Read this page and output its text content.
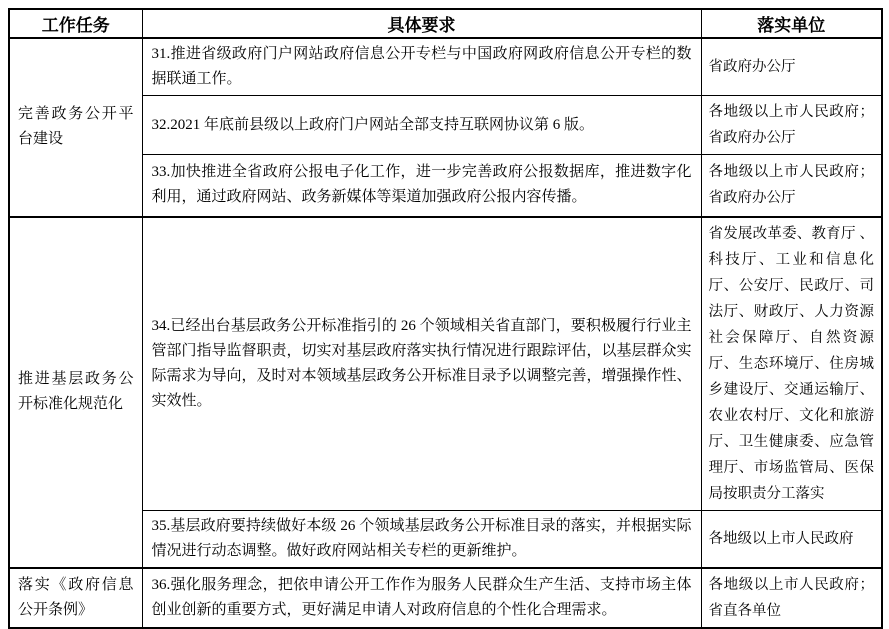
工作任务	具体要求	落实单位
完善政务公开平台建设	31.推进省级政府门户网站政府信息公开专栏与中国政府网政府信息公开专栏的数据联通工作。	省政府办公厅
	32.2021 年底前县级以上政府门户网站全部支持互联网协议第 6 版。	各地级以上市人民政府；省政府办公厅
	33.加快推进全省政府公报电子化工作，进一步完善政府公报数据库，推进数字化利用，通过政府网站、政务新媒体等渠道加强政府公报内容传播。	各地级以上市人民政府；省政府办公厅
推进基层政务公开标准化规范化	34.已经出台基层政务公开标准指引的 26 个领域相关省直部门，要积极履行行业主管部门指导监督职责，切实对基层政府落实执行情况进行跟踪评估，以基层群众实际需求为导向，及时对本领域基层政务公开标准目录予以调整完善，增强操作性、实效性。	省发展改革委、教育厅 、科技厅、工业和信息化厅、公安厅、民政厅、司法厅、财政厅、人力资源社会保障厅、自然资源厅、生态环境厅、住房城乡建设厅、交通运输厅、农业农村厅、文化和旅游厅、卫生健康委、应急管理厅、市场监管局、医保局按职责分工落实
	35.基层政府要持续做好本级 26 个领域基层政务公开标准目录的落实，并根据实际情况进行动态调整。做好政府网站相关专栏的更新维护。	各地级以上市人民政府
落实《政府信息公开条例》	36.强化服务理念，把依申请公开工作作为服务人民群众生产生活、支持市场主体创业创新的重要方式，更好满足申请人对政府信息的个性化合理需求。	各地级以上市人民政府；省直各单位
